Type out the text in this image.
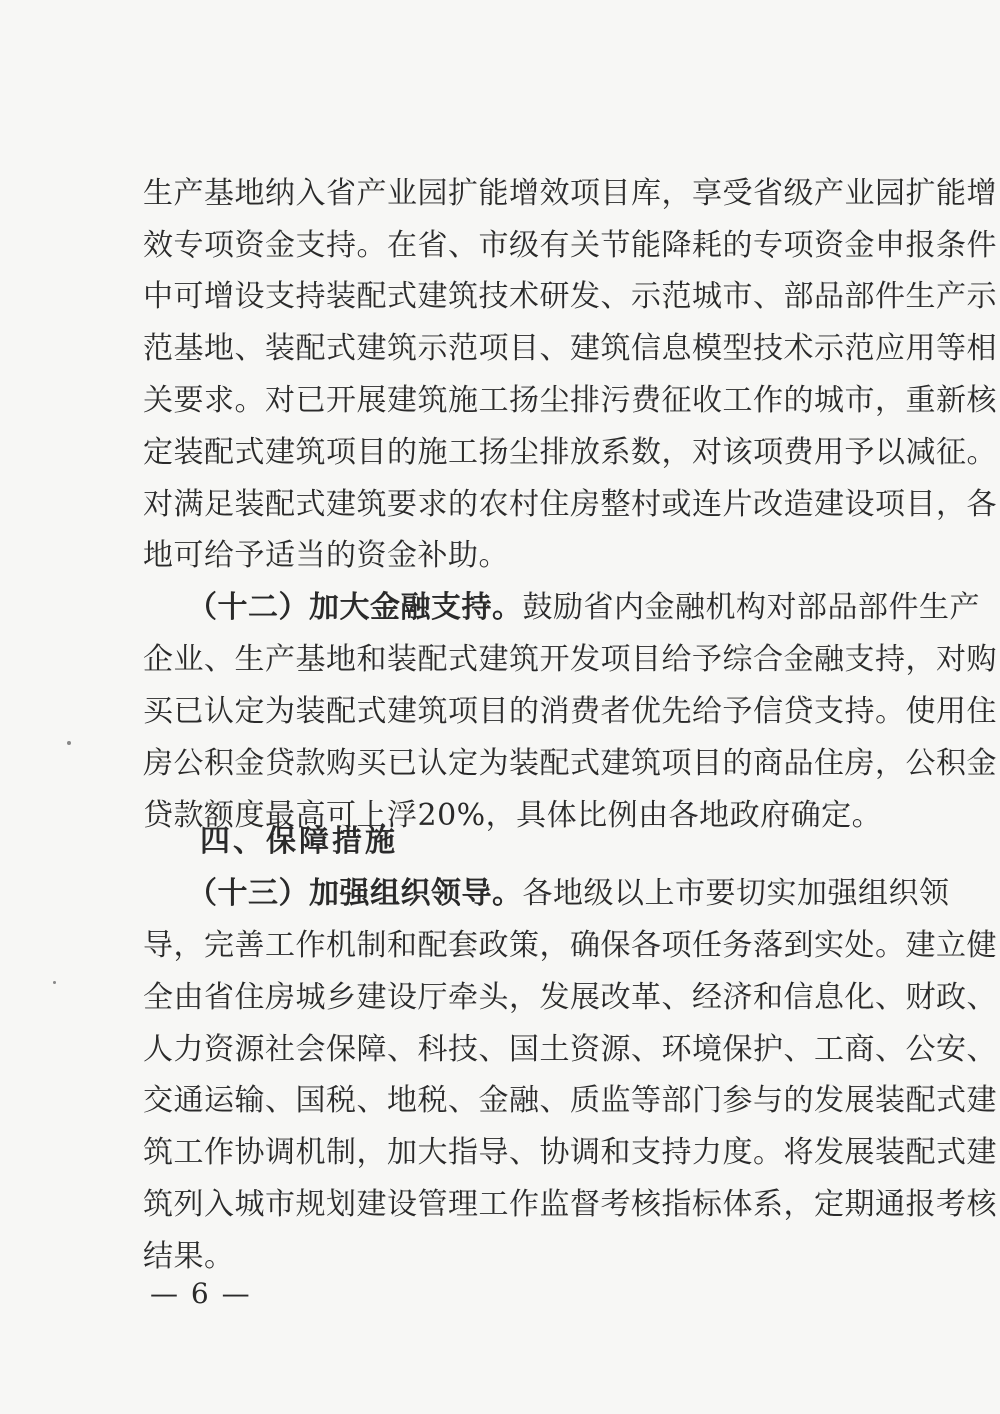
生产基地纳入省产业园扩能增效项目库，享受省级产业园扩能增
效专项资金支持。在省、市级有关节能降耗的专项资金申报条件
中可增设支持装配式建筑技术研发、示范城市、部品部件生产示
范基地、装配式建筑示范项目、建筑信息模型技术示范应用等相
关要求。对已开展建筑施工扬尘排污费征收工作的城市，重新核
定装配式建筑项目的施工扬尘排放系数，对该项费用予以减征。
对满足装配式建筑要求的农村住房整村或连片改造建设项目，各
地可给予适当的资金补助。
（十二）加大金融支持。鼓励省内金融机构对部品部件生产
企业、生产基地和装配式建筑开发项目给予综合金融支持，对购
买已认定为装配式建筑项目的消费者优先给予信贷支持。使用住
房公积金贷款购买已认定为装配式建筑项目的商品住房，公积金
贷款额度最高可上浮20%，具体比例由各地政府确定。
四、保障措施
（十三）加强组织领导。各地级以上市要切实加强组织领
导，完善工作机制和配套政策，确保各项任务落到实处。建立健
全由省住房城乡建设厅牵头，发展改革、经济和信息化、财政、
人力资源社会保障、科技、国土资源、环境保护、工商、公安、
交通运输、国税、地税、金融、质监等部门参与的发展装配式建
筑工作协调机制，加大指导、协调和支持力度。将发展装配式建
筑列入城市规划建设管理工作监督考核指标体系，定期通报考核
结果。
— 6 —
